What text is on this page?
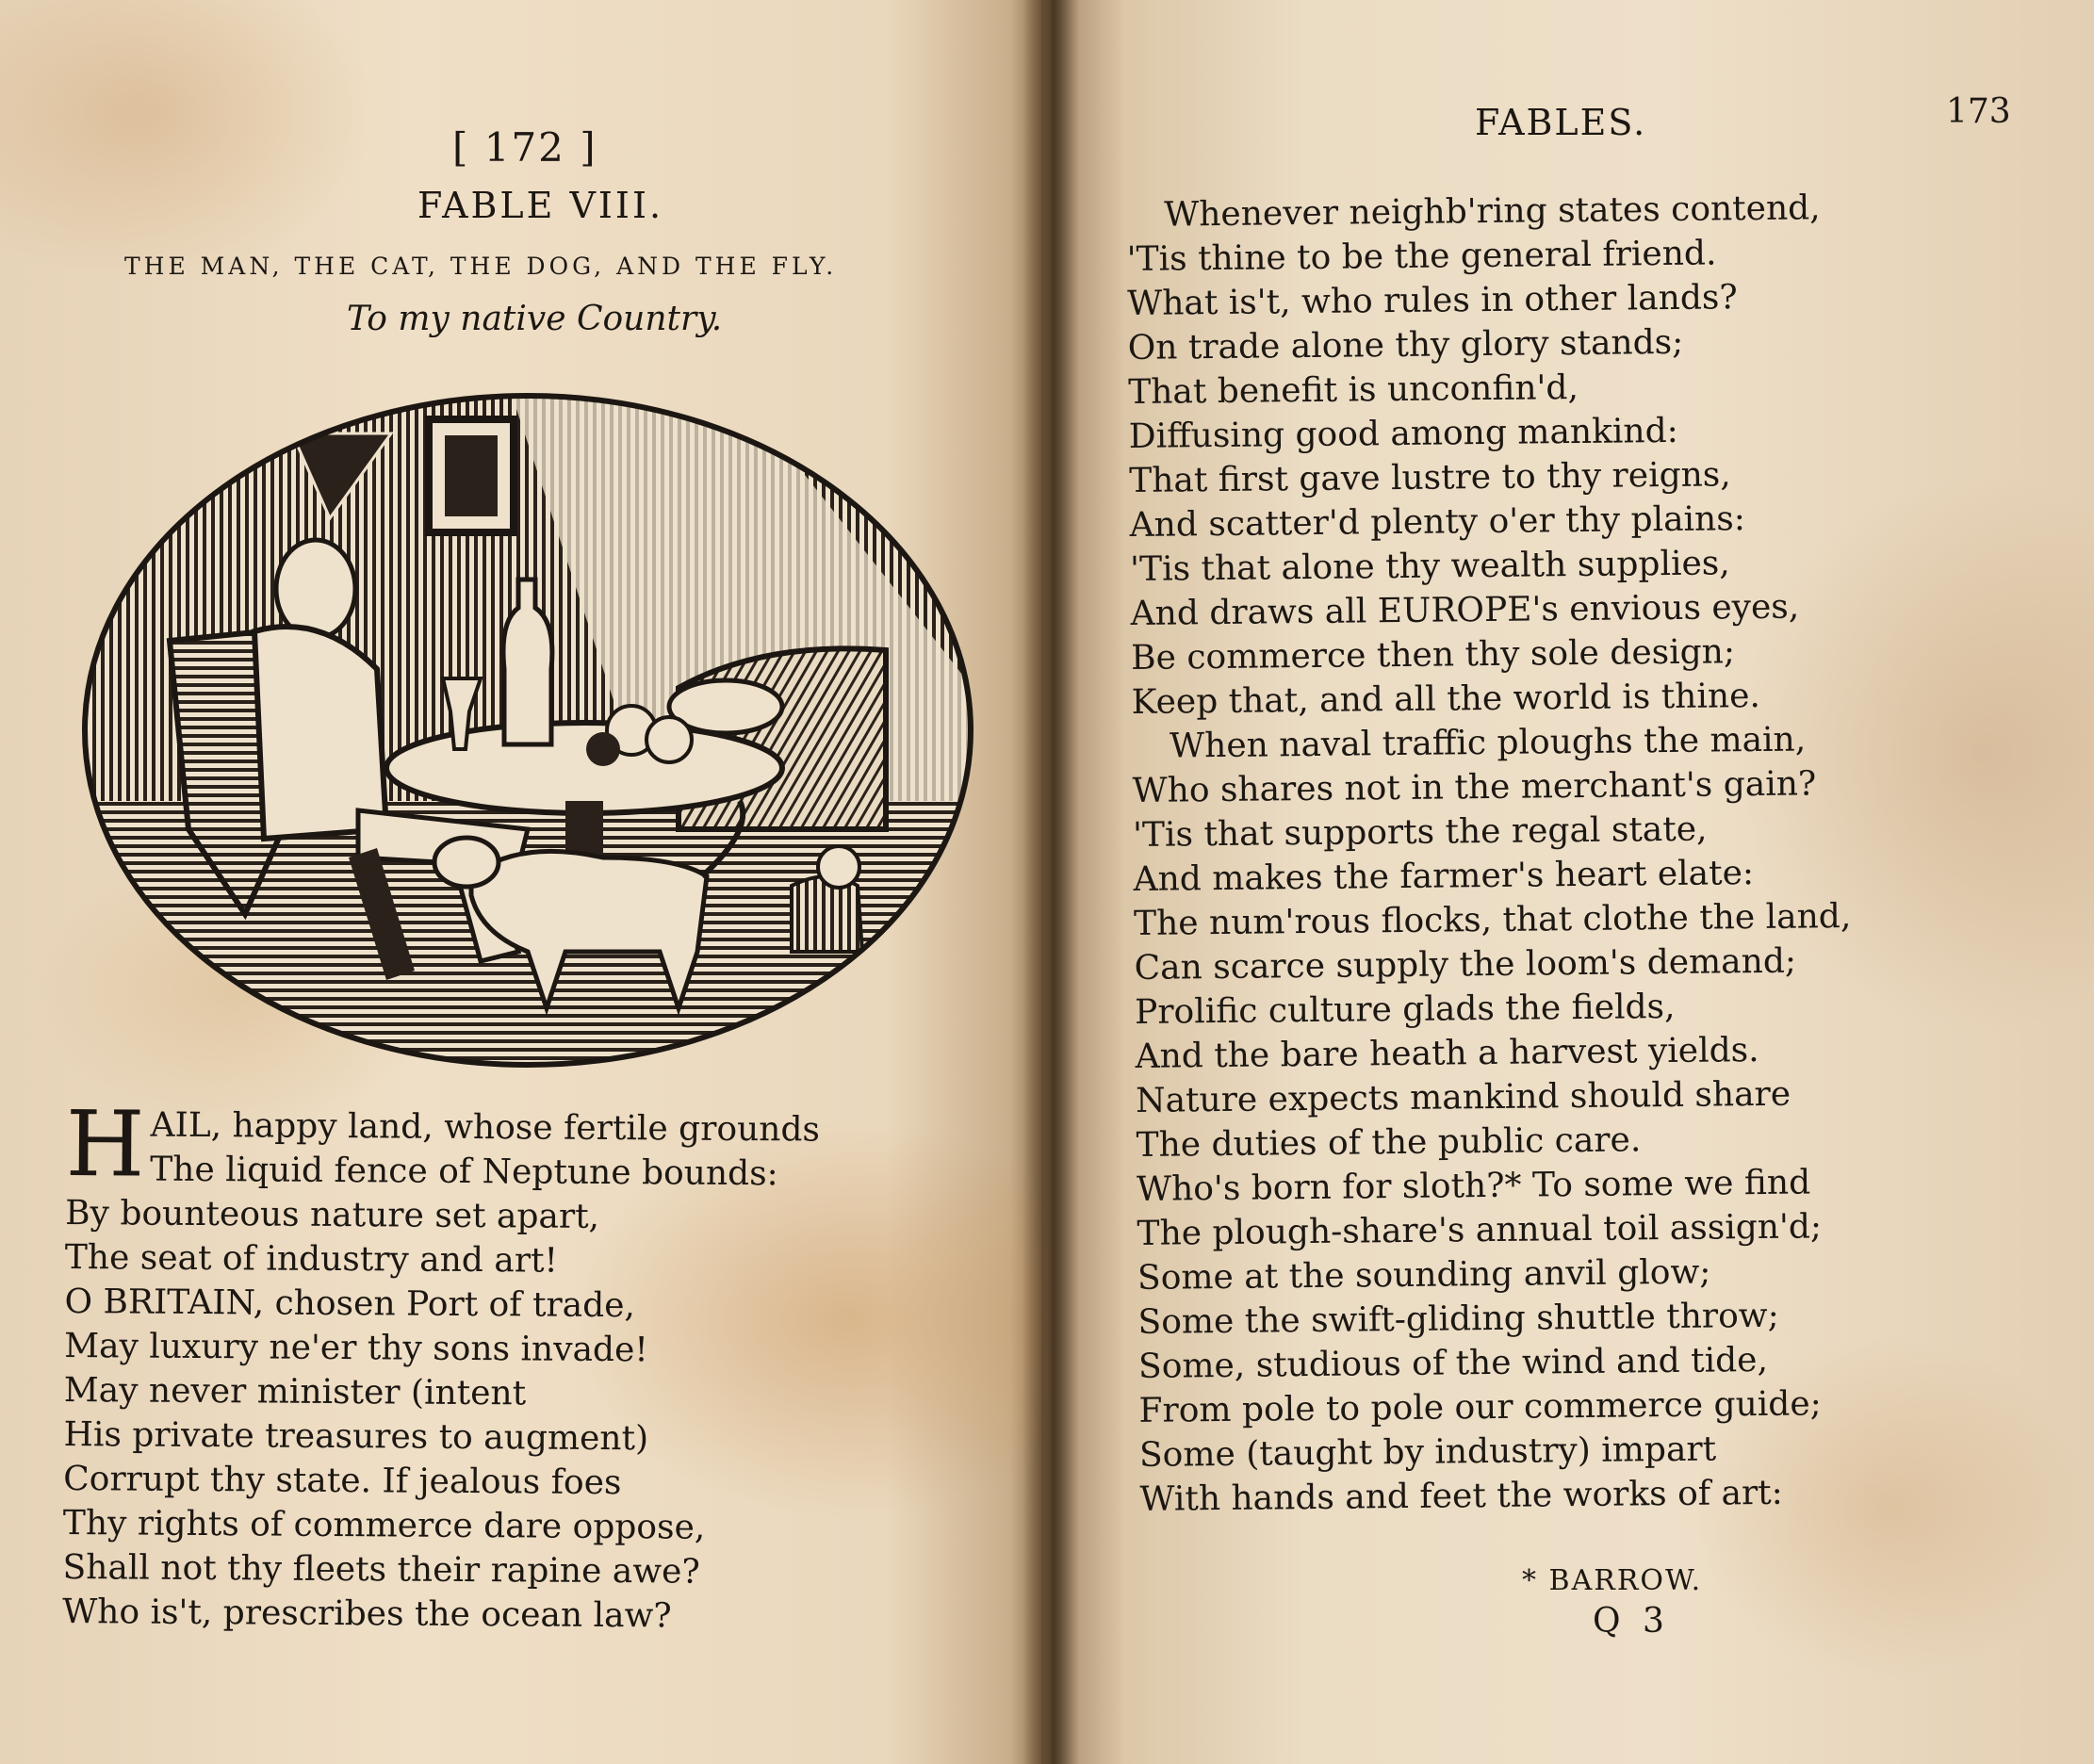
[ 172 ]
FABLE VIII.
THE MAN, THE CAT, THE DOG, AND THE FLY.
To my native Country.
H AIL, happy land, whose fertile grounds
The liquid fence of Neptune bounds:
By bounteous nature set apart,
The seat of industry and art!
O BRITAIN, chosen Port of trade,
May luxury ne'er thy sons invade!
May never minister (intent
His private treasures to augment)
Corrupt thy state. If jealous foes
Thy rights of commerce dare oppose,
Shall not thy fleets their rapine awe?
Who is't, prescribes the ocean law?
FABLES.	173
Whenever neighb'ring states contend,
'Tis thine to be the general friend.
What is't, who rules in other lands?
On trade alone thy glory stands;
That benefit is unconfin'd,
Diffusing good among mankind:
That first gave lustre to thy reigns,
And scatter'd plenty o'er thy plains:
'Tis that alone thy wealth supplies,
And draws all EUROPE's envious eyes,
Be commerce then thy sole design;
Keep that, and all the world is thine.
When naval traffic ploughs the main,
Who shares not in the merchant's gain?
'Tis that supports the regal state,
And makes the farmer's heart elate:
The num'rous flocks, that clothe the land,
Can scarce supply the loom's demand;
Prolific culture glads the fields,
And the bare heath a harvest yields.
Nature expects mankind should share
The duties of the public care.
Who's born for sloth?* To some we find
The plough-share's annual toil assign'd;
Some at the sounding anvil glow;
Some the swift-gliding shuttle throw;
Some, studious of the wind and tide,
From pole to pole our commerce guide;
Some (taught by industry) impart
With hands and feet the works of art:
* BARROW.
Q 3
